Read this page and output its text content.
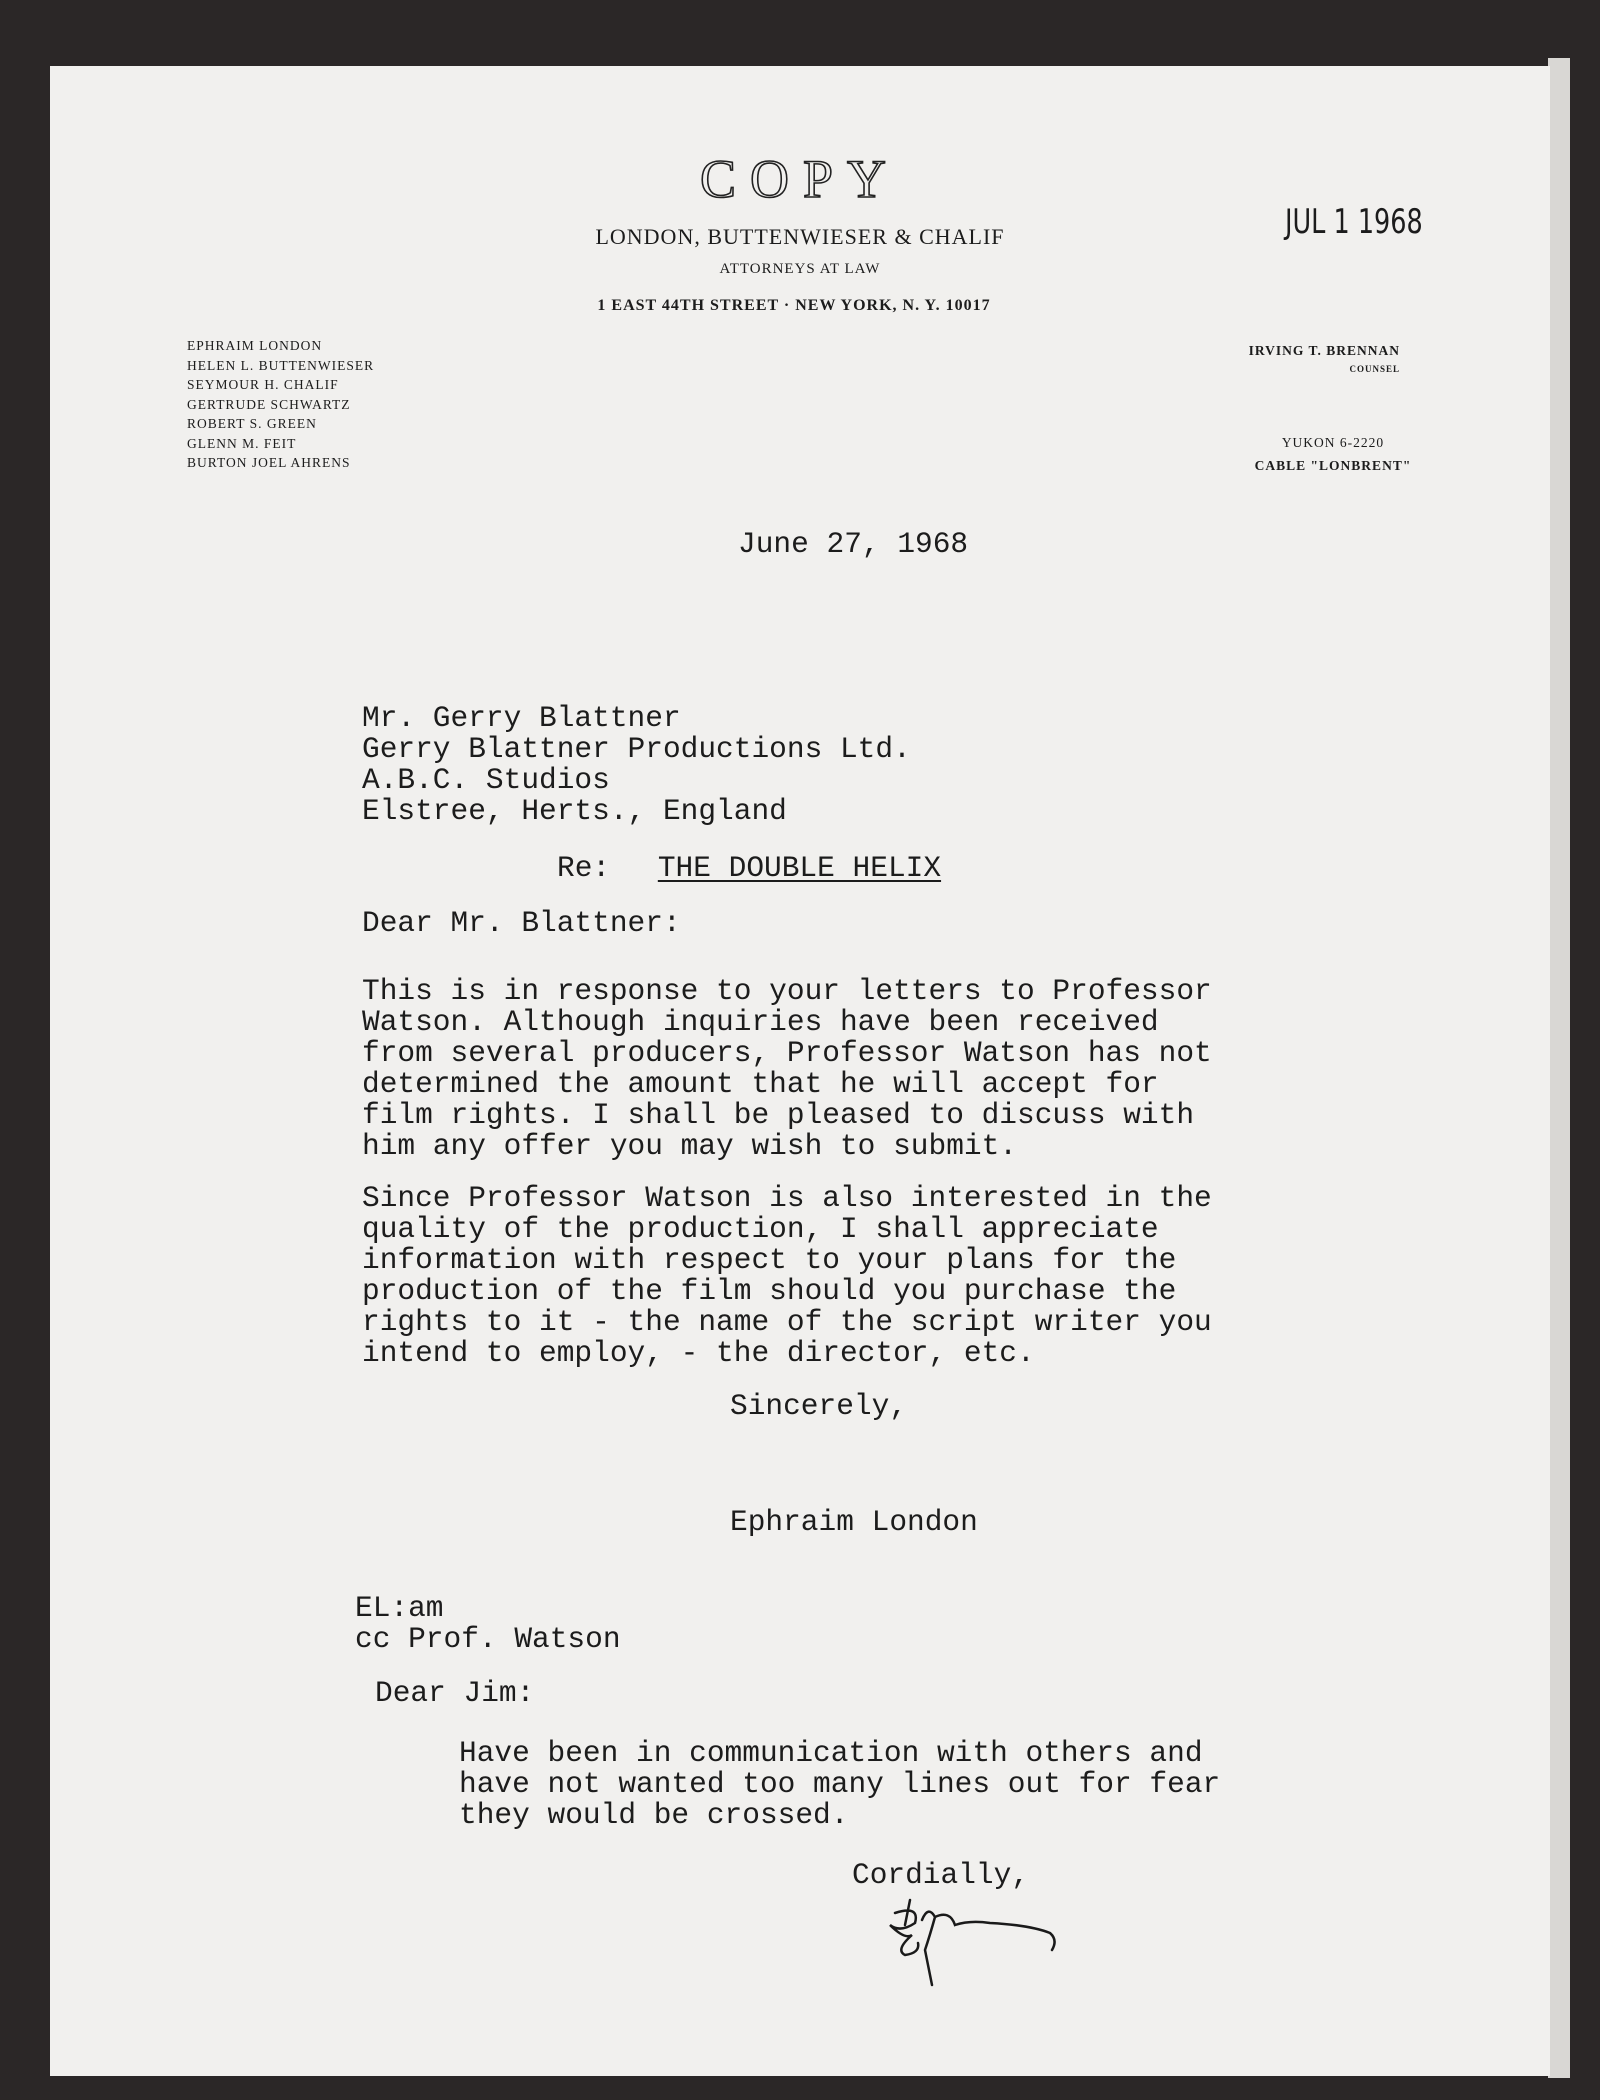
COPY
LONDON, BUTTENWIESER & CHALIF
ATTORNEYS AT LAW
1 EAST 44TH STREET · NEW YORK, N. Y. 10017
JUL 1 1968
EPHRAIM LONDON
HELEN L. BUTTENWIESER
SEYMOUR H. CHALIF
GERTRUDE SCHWARTZ
ROBERT S. GREEN
GLENN M. FEIT
BURTON JOEL AHRENS
IRVING T. BRENNAN
COUNSEL
YUKON 6-2220
CABLE "LONBRENT"
June 27, 1968
Mr. Gerry Blattner
Gerry Blattner Productions Ltd.
A.B.C. Studios
Elstree, Herts., England
Re: THE DOUBLE HELIX
Dear Mr. Blattner:
This is in response to your letters to Professor
Watson. Although inquiries have been received
from several producers, Professor Watson has not
determined the amount that he will accept for
film rights. I shall be pleased to discuss with
him any offer you may wish to submit.
Since Professor Watson is also interested in the
quality of the production, I shall appreciate
information with respect to your plans for the
production of the film should you purchase the
rights to it - the name of the script writer you
intend to employ, - the director, etc.
Sincerely,
Ephraim London
EL:am
cc Prof. Watson
Dear Jim:
Have been in communication with others and
have not wanted too many lines out for fear
they would be crossed.
Cordially,
